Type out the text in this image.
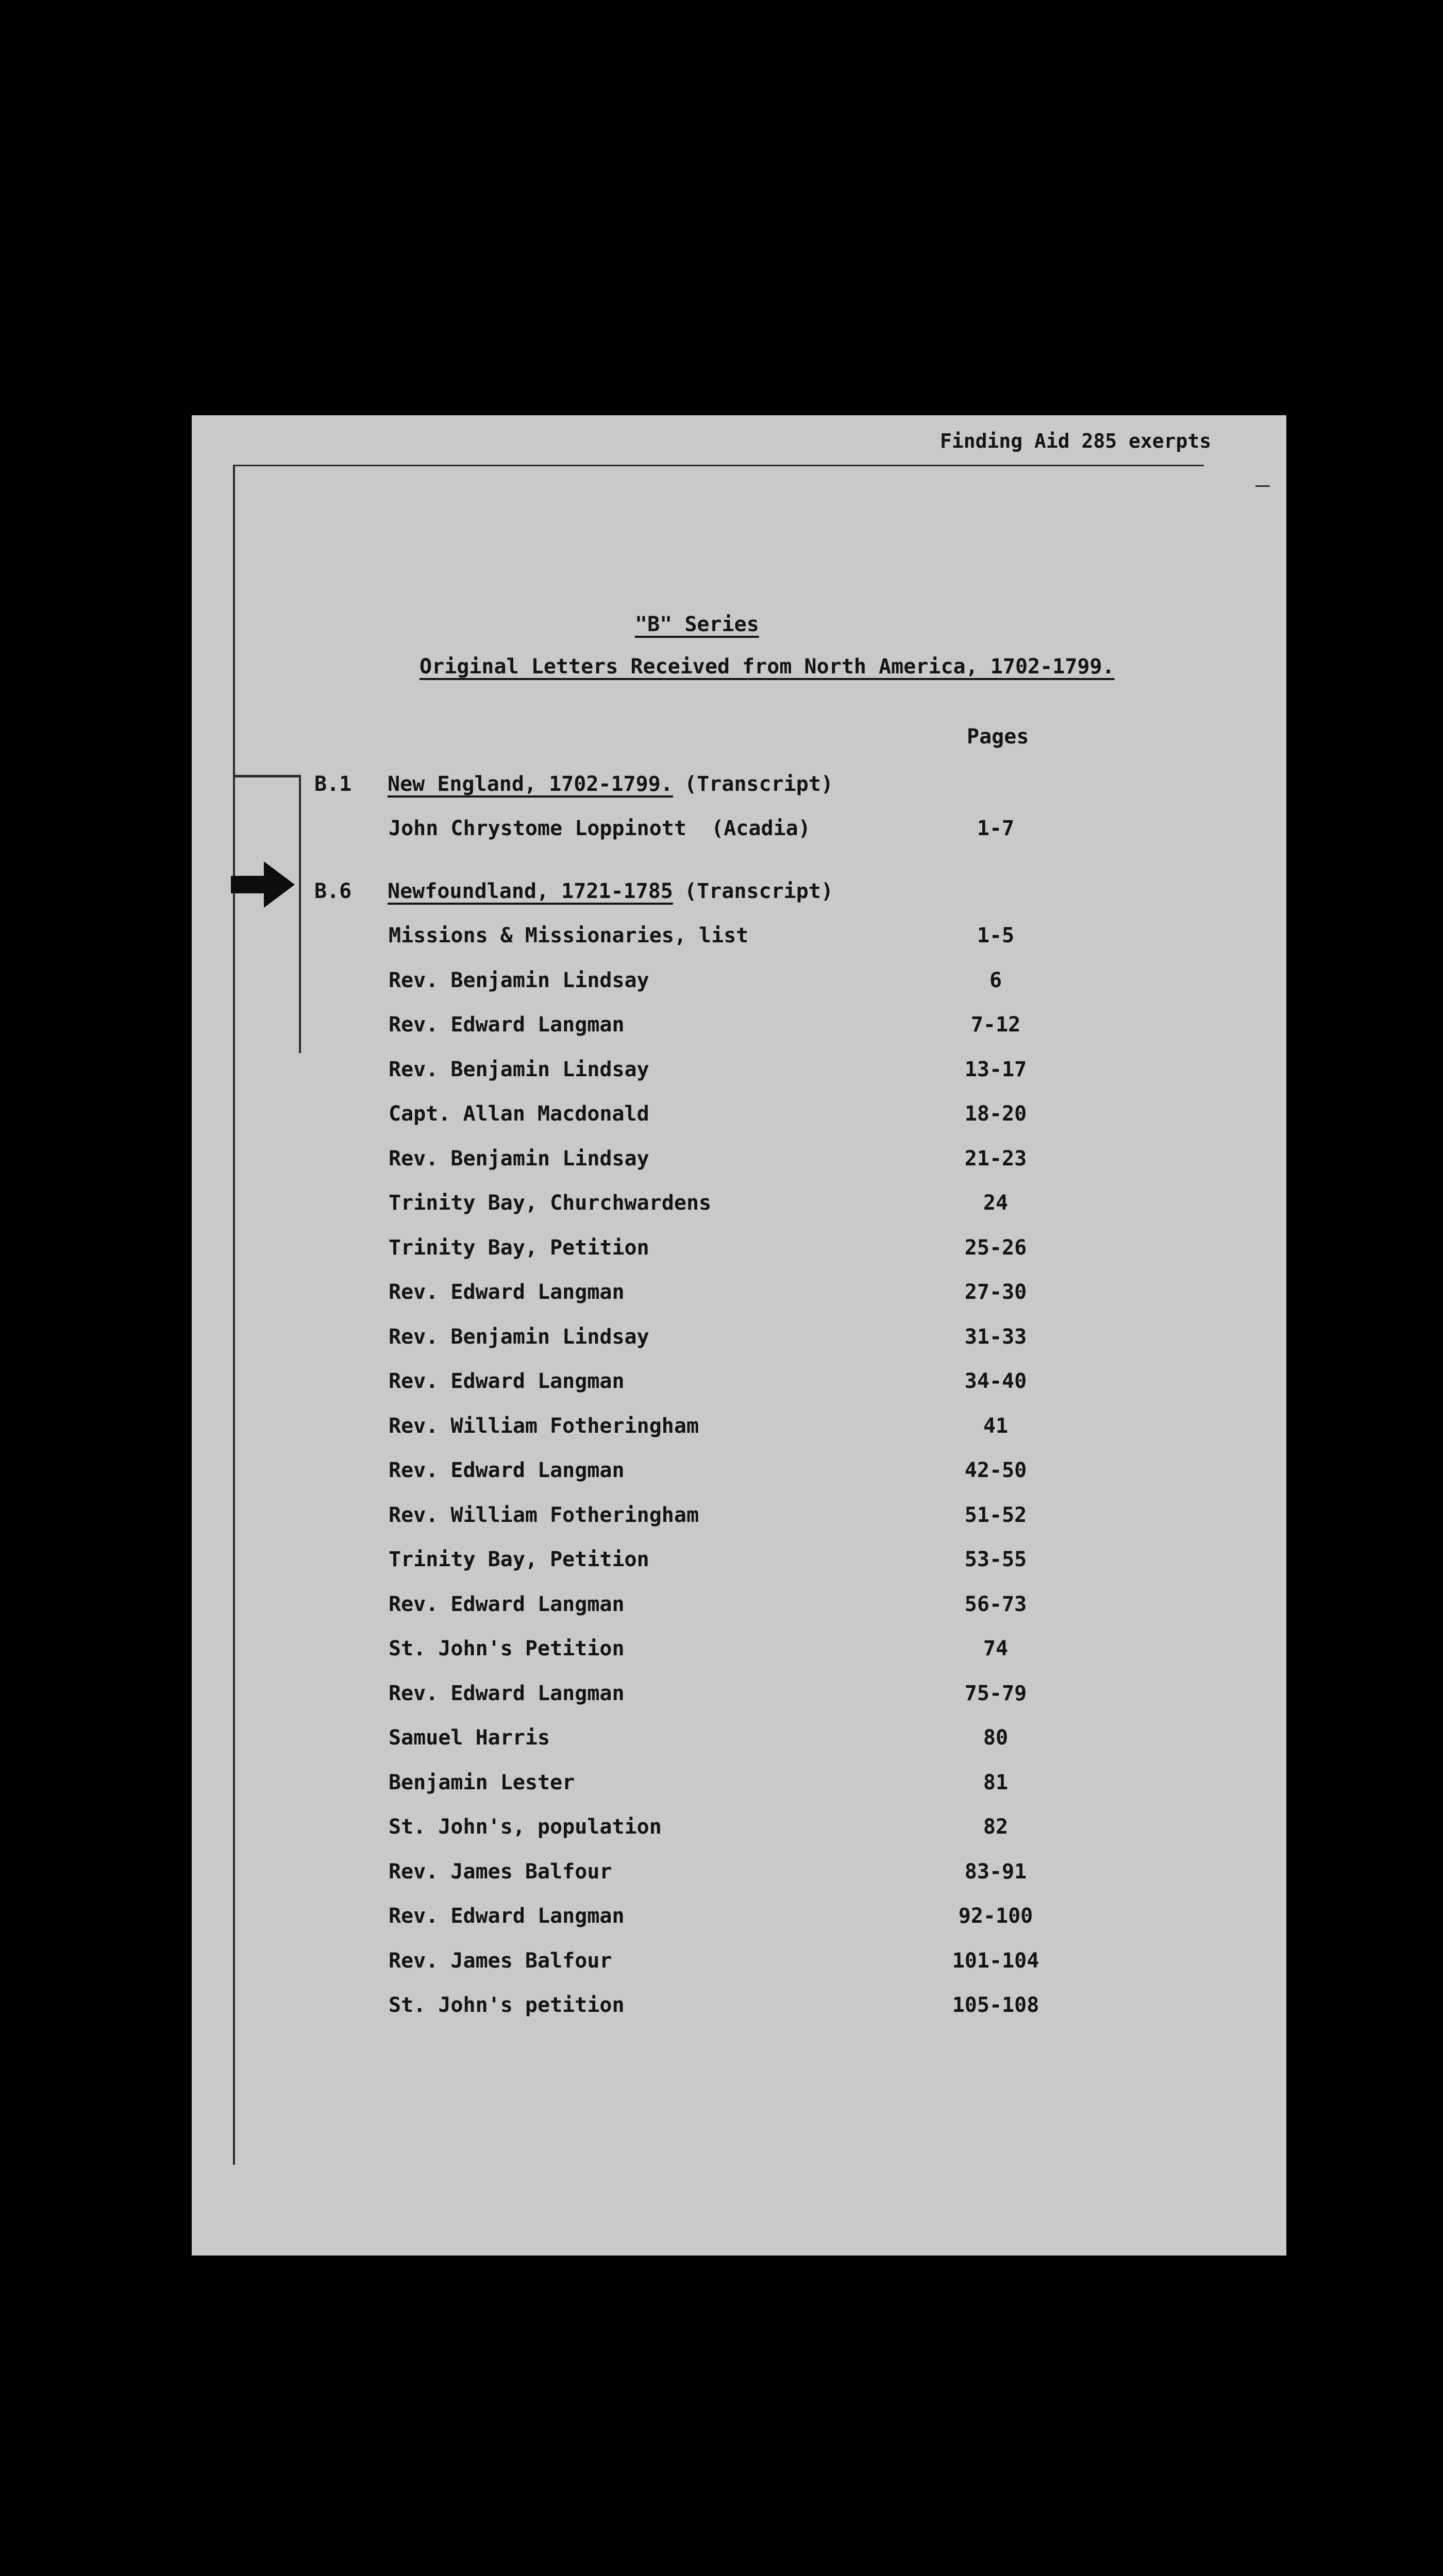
Finding Aid 285 exerpts
"B" Series
Original Letters Received from North America, 1702-1799.
Pages
B.1 New England, 1702-1799. (Transcript)
John Chrystome Loppinott  (Acadia)	1-7
B.6 Newfoundland, 1721-1785 (Transcript)
Missions & Missionaries, list	1-5
Rev. Benjamin Lindsay	6
Rev. Edward Langman	7-12
Rev. Benjamin Lindsay	13-17
Capt. Allan Macdonald	18-20
Rev. Benjamin Lindsay	21-23
Trinity Bay, Churchwardens	24
Trinity Bay, Petition	25-26
Rev. Edward Langman	27-30
Rev. Benjamin Lindsay	31-33
Rev. Edward Langman	34-40
Rev. William Fotheringham	41
Rev. Edward Langman	42-50
Rev. William Fotheringham	51-52
Trinity Bay, Petition	53-55
Rev. Edward Langman	56-73
St. John's Petition	74
Rev. Edward Langman	75-79
Samuel Harris	80
Benjamin Lester	81
St. John's, population	82
Rev. James Balfour	83-91
Rev. Edward Langman	92-100
Rev. James Balfour	101-104
St. John's petition	105-108
